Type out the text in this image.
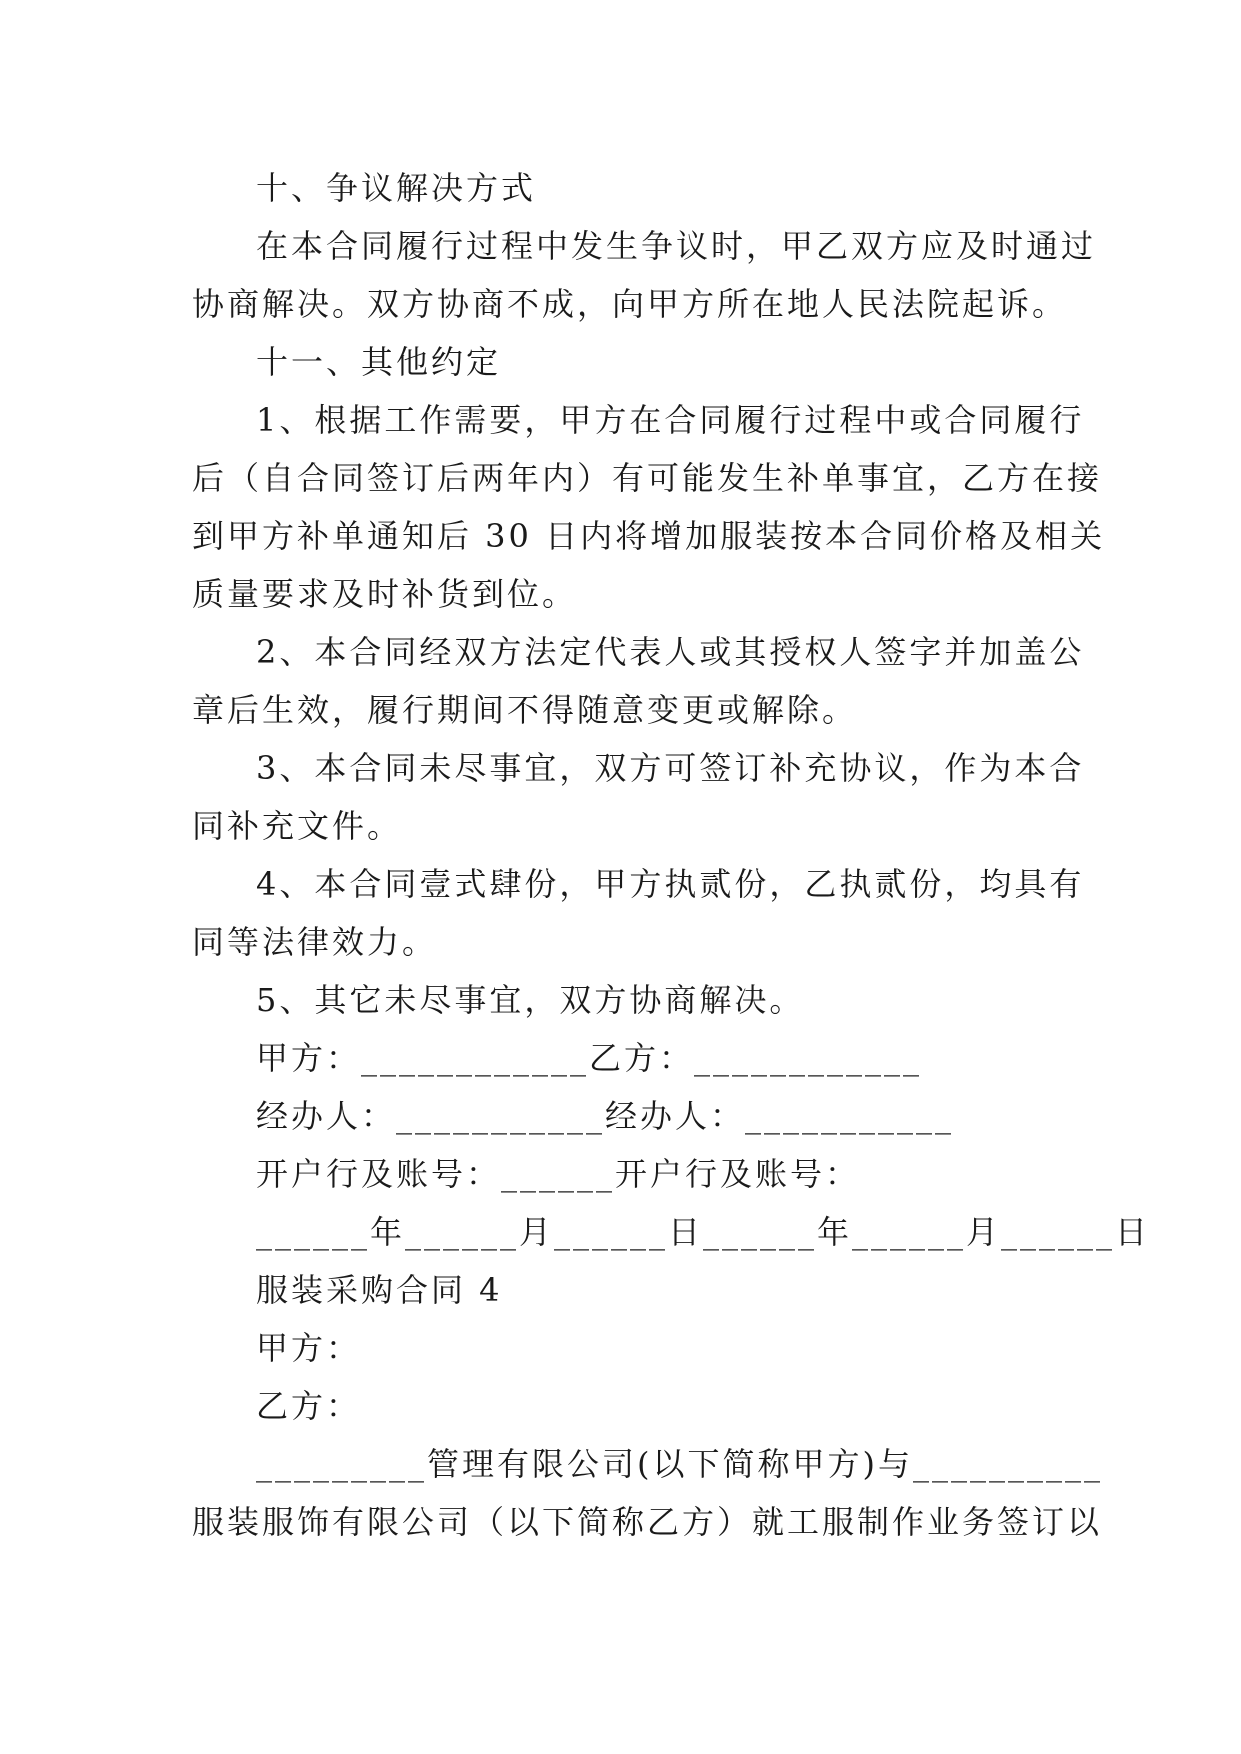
十、争议解决方式
在本合同履行过程中发生争议时，甲乙双方应及时通过
协商解决。双方协商不成，向甲方所在地人民法院起诉。
十一、其他约定
1、根据工作需要，甲方在合同履行过程中或合同履行
后（自合同签订后两年内）有可能发生补单事宜，乙方在接
到甲方补单通知后 30 日内将增加服装按本合同价格及相关
质量要求及时补货到位。
2、本合同经双方法定代表人或其授权人签字并加盖公
章后生效，履行期间不得随意变更或解除。
3、本合同未尽事宜，双方可签订补充协议，作为本合
同补充文件。
4、本合同壹式肆份，甲方执贰份，乙执贰份，均具有
同等法律效力。
5、其它未尽事宜，双方协商解决。
甲方：____________乙方：____________
经办人：___________经办人：___________
开户行及账号：______开户行及账号：
______年______月______日______年______月______日
服装采购合同 4
甲方：
乙方：
_________管理有限公司(以下简称甲方)与__________
服装服饰有限公司（以下简称乙方）就工服制作业务签订以
